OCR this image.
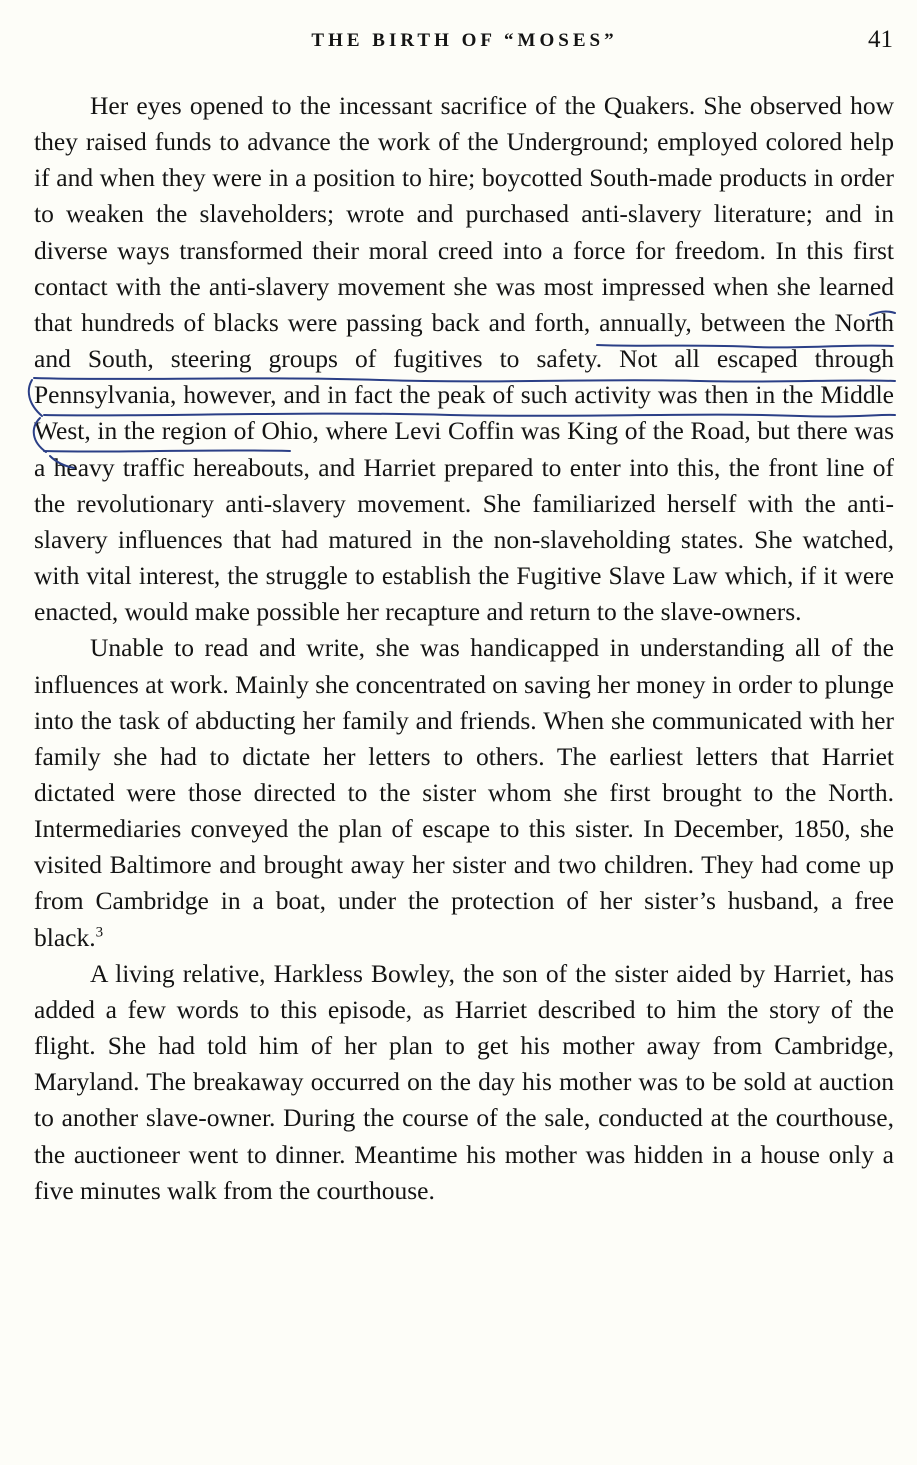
THE BIRTH OF “MOSES”	41

Her eyes opened to the incessant sacrifice of the Quakers. She observed how they raised funds to advance the work of the Underground; employed colored help if and when they were in a position to hire; boycotted South-made products in order to weaken the slaveholders; wrote and purchased anti-slavery literature; and in diverse ways transformed their moral creed into a force for freedom. In this first contact with the anti-slavery movement she was most impressed when she learned that hundreds of blacks were passing back and forth, annually, between the North and South, steering groups of fugitives to safety. Not all escaped through Pennsylvania, however, and in fact the peak of such activity was then in the Middle West, in the region of Ohio, where Levi Coffin was King of the Road, but there was a heavy traffic hereabouts, and Harriet prepared to enter into this, the front line of the revolutionary anti-slavery movement. She familiarized herself with the anti-slavery influences that had matured in the non-slaveholding states. She watched, with vital interest, the struggle to establish the Fugitive Slave Law which, if it were enacted, would make possible her recapture and return to the slave-owners.

Unable to read and write, she was handicapped in understanding all of the influences at work. Mainly she concentrated on saving her money in order to plunge into the task of abducting her family and friends. When she communicated with her family she had to dictate her letters to others. The earliest letters that Harriet dictated were those directed to the sister whom she first brought to the North. Intermediaries conveyed the plan of escape to this sister. In December, 1850, she visited Baltimore and brought away her sister and two children. They had come up from Cambridge in a boat, under the protection of her sister’s husband, a free black.$^3$

A living relative, Harkless Bowley, the son of the sister aided by Harriet, has added a few words to this episode, as Harriet described to him the story of the flight. She had told him of her plan to get his mother away from Cambridge, Maryland. The breakaway occurred on the day his mother was to be sold at auction to another slave-owner. During the course of the sale, conducted at the courthouse, the auctioneer went to dinner. Meantime his mother was hidden in a house only a five minutes walk from the courthouse.
